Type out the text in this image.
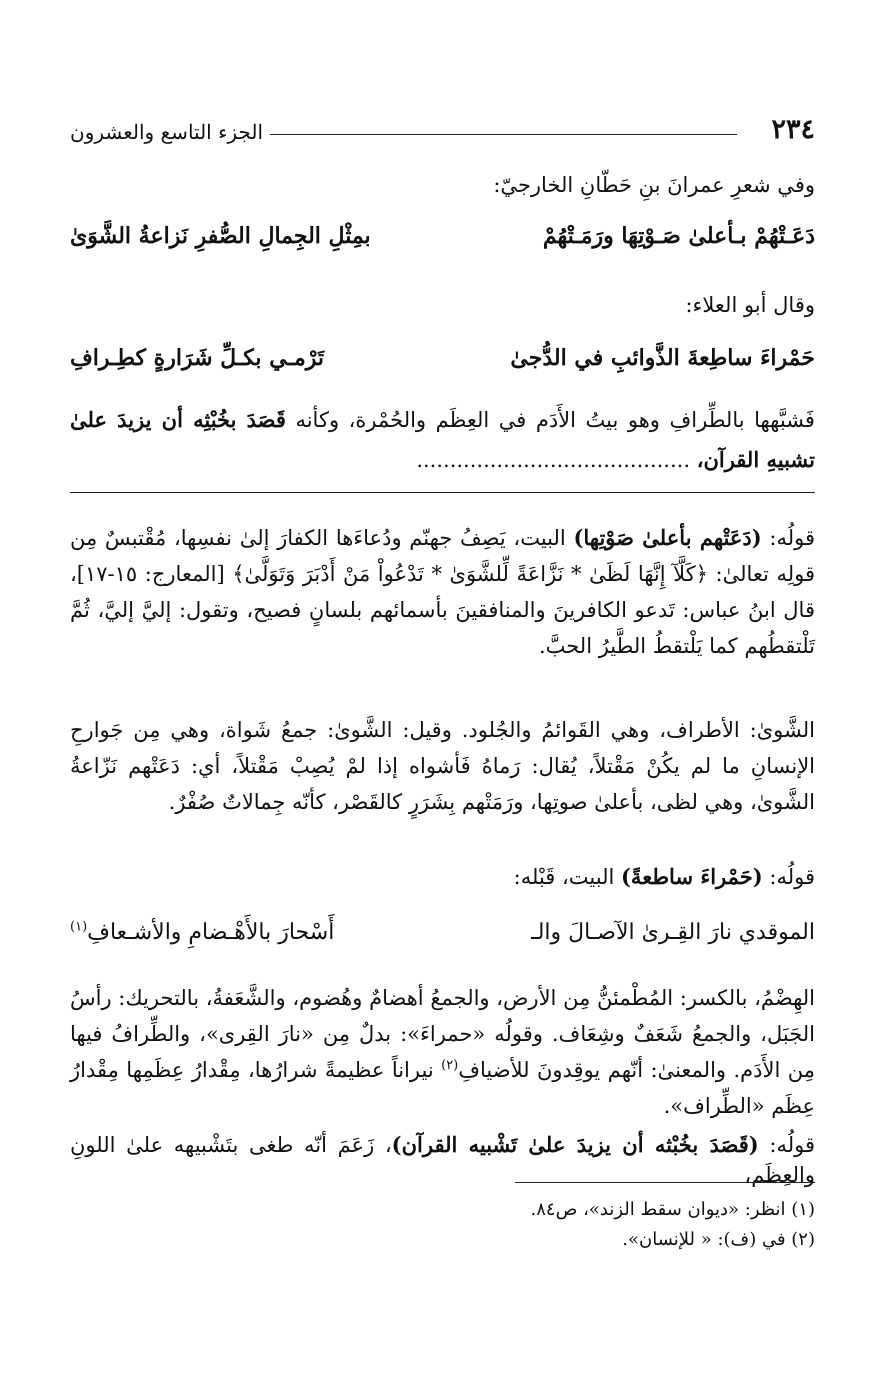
٢٣٤
الجزء التاسع والعشرون
وفي شعرِ عمرانَ بنِ حَطّانِ الخارجيّ:
دَعَـتْهُمْ بـأعلىٰ صَـوْتِهَا ورَمَـتْهُمْ
بمِثْلِ الجِمالِ الصُّفرِ نَزاعةُ الشَّوَىٰ
وقال أبو العلاء:
حَمْراءَ ساطِعةَ الذَّوائبِ في الدُّجىٰ
تَرْمـي بكـلِّ شَرَارةٍ كطِـرافِ
فَشبَّهها بالطِّرافِ وهو بيتُ الأَدَم في العِظَم والحُمْرة، وكأنه قَصَدَ بخُبْثِه أن يزيدَ علىٰ تشبيهِ القرآن، .........................................
قولُه: (دَعَتْهم بأعلىٰ صَوْتِها) البيت، يَصِفُ جهنّم ودُعاءَها الكفارَ إلىٰ نفسِها، مُقْتبسٌ مِن قولِه تعالىٰ: ﴿كَلَّآ إِنَّهَا لَظَىٰ * نَزَّاعَةً لِّلشَّوَىٰ * تَدْعُواْ مَنْ أَدْبَرَ وَتَوَلَّىٰ﴾ [المعارج: ١٥-١٧]، قال ابنُ عباس: تَدعو الكافرينَ والمنافقينَ بأسمائهم بلسانٍ فصيح، وتقول: إليَّ إليَّ، ثُمَّ تَلْتقطُهم كما يَلْتقطُ الطَّيرُ الحبَّ.
الشَّوىٰ: الأطراف، وهي القَوائمُ والجُلود. وقيل: الشَّوىٰ: جمعُ شَواة، وهي مِن جَوارحِ الإنسانِ ما لم يكُنْ مَقْتلاً، يُقال: رَماهُ فَأشواه إذا لمْ يُصِبْ مَقْتلاً، أي: دَعَتْهم نَزّاعةُ الشَّوىٰ، وهي لظى، بأعلىٰ صوتِها، ورَمَتْهم بِشَرَرٍ كالقَصْر، كأنّه جِمالاتٌ صُفْرٌ.
قولُه: (حَمْراءَ ساطعةً) البيت، قَبْله:
الموقدي نارَ القِـرىٰ الآصـالَ والـ
أَسْحارَ بالأَهْـضامِ والأشـعافِ$^{(١)}$
الهِضْمُ، بالكسر: المُطْمئنُّ مِن الأرض، والجمعُ أهضامٌ وهُضوم، والشَّعَفةُ، بالتحريك: رأسُ الجَبَل، والجمعُ شَعَفٌ وشِعَاف. وقولُه «حمراءَ»: بدلٌ مِن «نارَ القِرى»، والطِّرافُ فيها مِن الأَدَم. والمعنىٰ: أنّهم يوقِدونَ للأضيافِ$^{(٢)}$ نيراناً عظيمةً شرارُها، مِقْدارُ عِظَمِها مِقْدارُ عِظَم «الطِّراف».
قولُه: (قَصَدَ بخُبْثه أن يزيدَ علىٰ تَشْبيه القرآن)، زَعَمَ أنّه طغى بتَشْبيهه علىٰ اللونِ والعِظَم،
(١) انظر: «ديوان سقط الزند»، ص٨٤.
(٢) في (ف): « للإنسان».
